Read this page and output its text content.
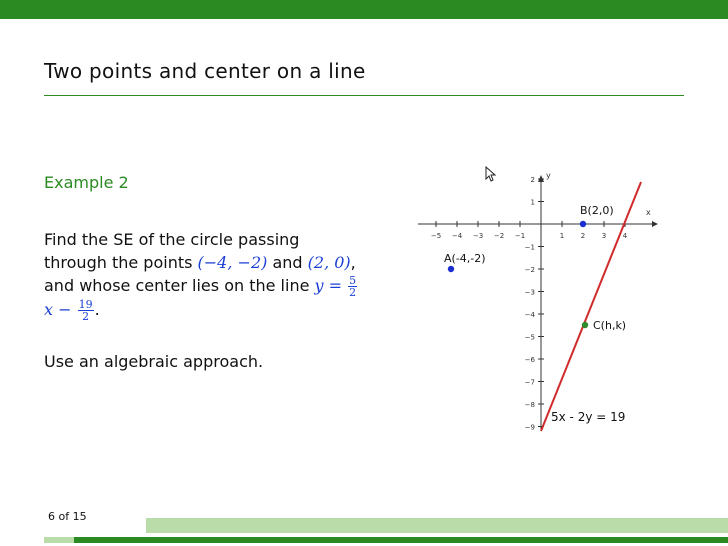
Two points and center on a line
Example 2
Find the SE of the circle passing through the points (−4, −2) and (2, 0), and whose center lies on the line $y = \frac{5}{2}$
$x - \frac{19}{2}$ .
Use an algebraic approach.
−5 −4 −3 −2 −1	1 2 3 4
2
1
−1
−2
−3
−4
−5
−6
−7
−8
−9
x
y
A(-4,-2)
B(2,0)
C(h,k)
5x - 2y = 19
6 of 15
